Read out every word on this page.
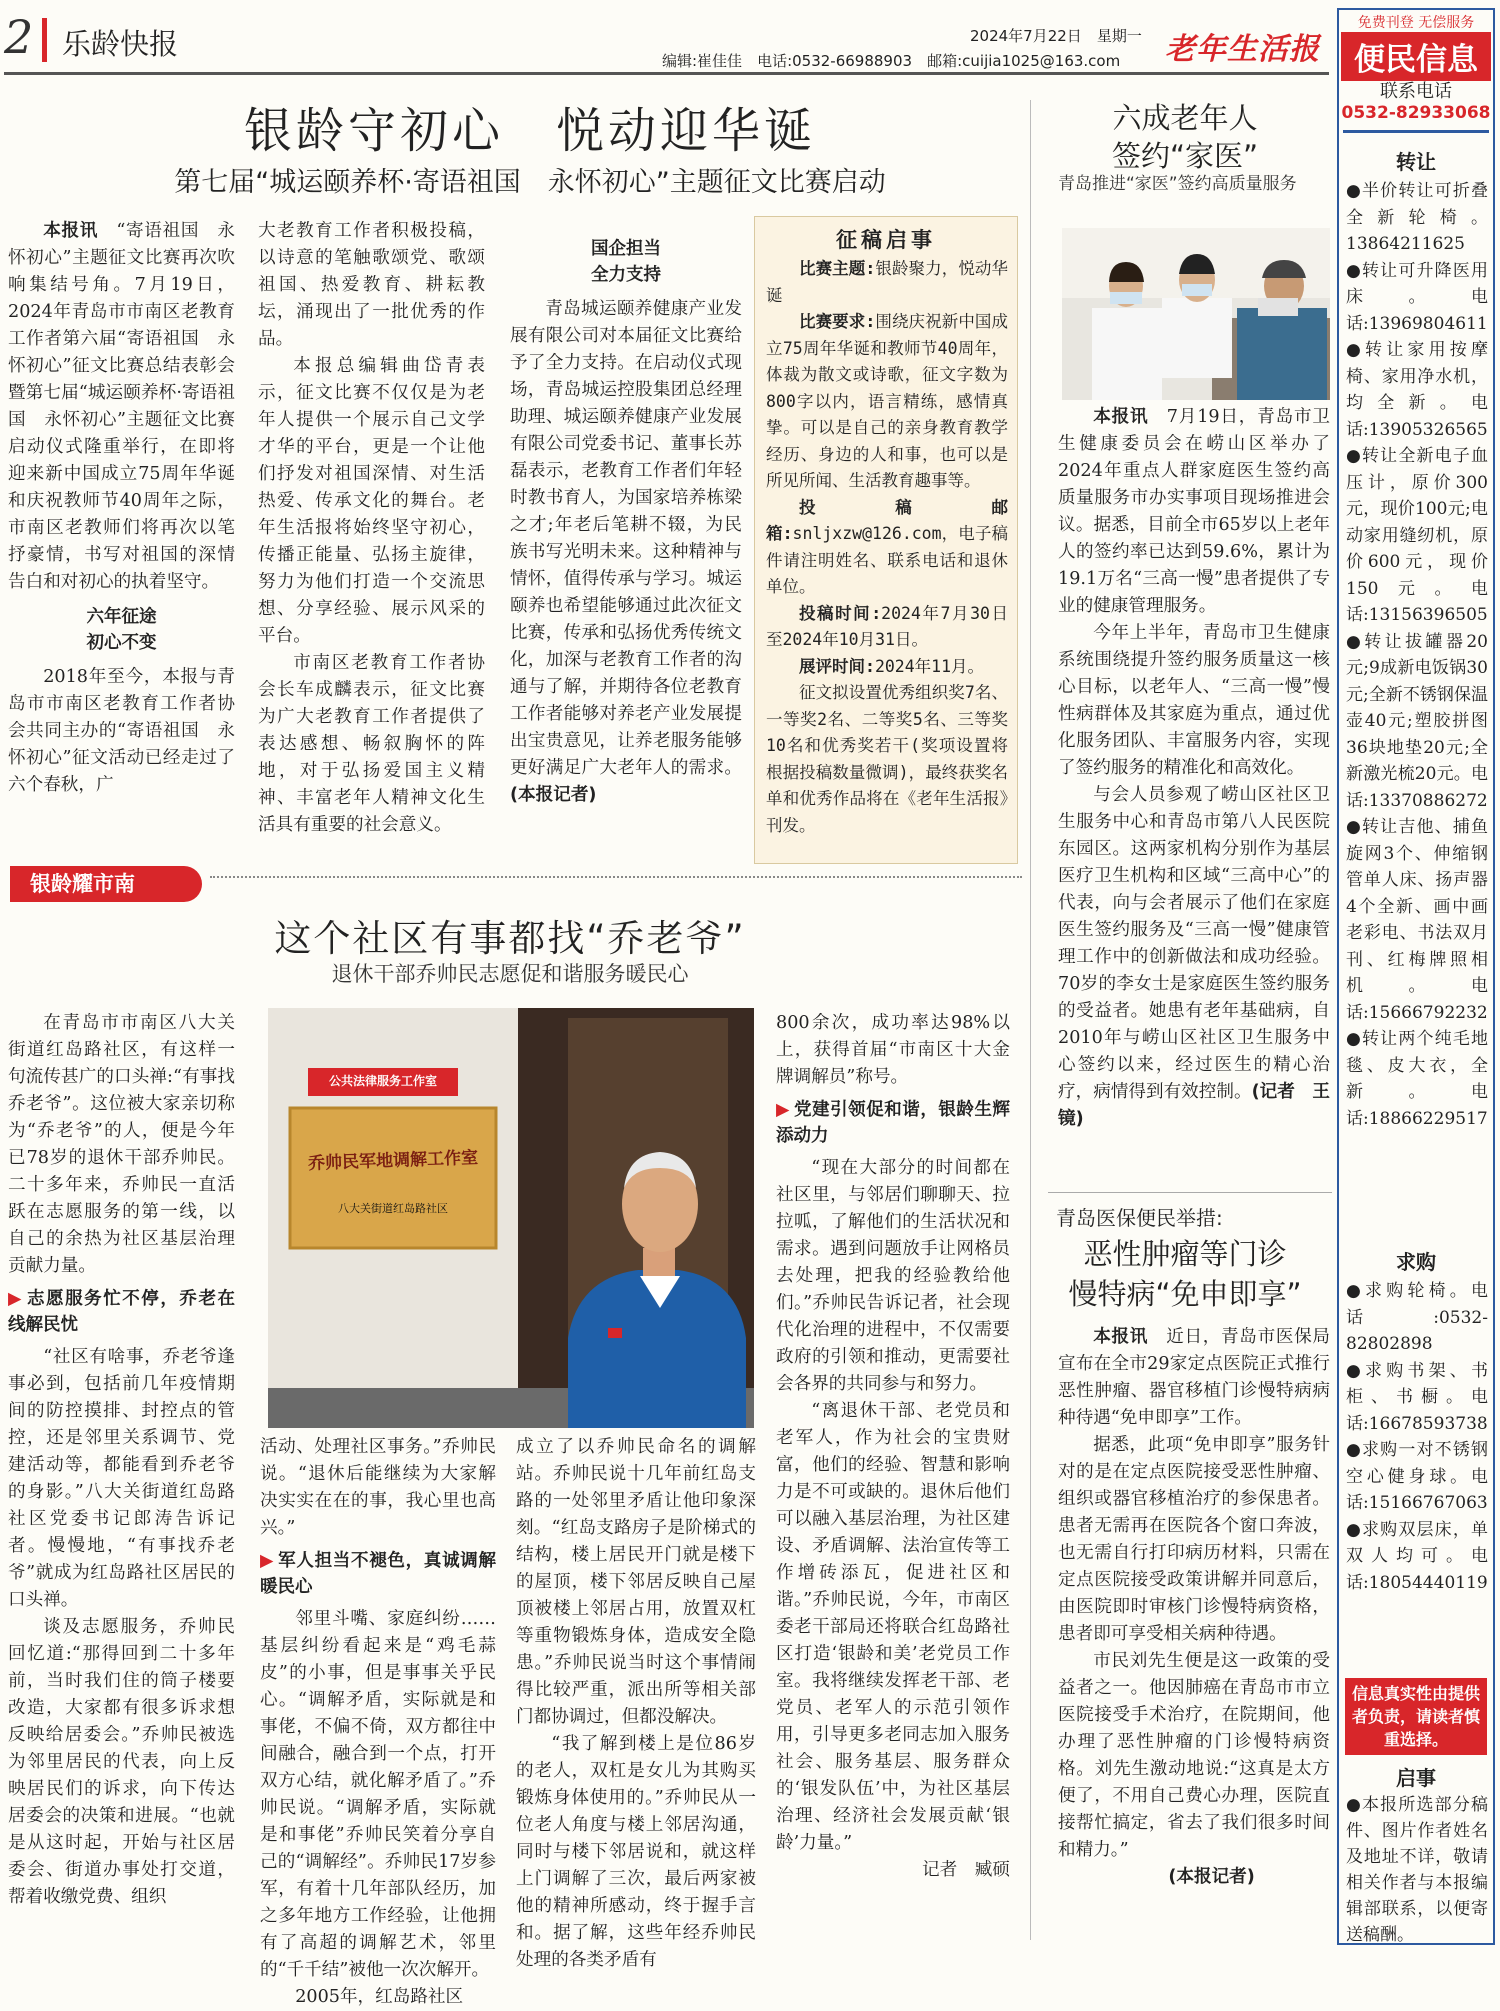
2 乐龄快报	2024年7月22日　 星期一
编辑:崔佳佳　 电话:0532-66988903　 邮箱:cuijia1025@163.com 老年生活报
免费刊登 无偿服务
便民信息
联系电话
0532-82933068
转让

●半价转让可折叠全新轮椅。13864211625

●转让可升降医用床。电话:13969804611

●转让家用按摩椅、家用净水机，均全新。电话:13905326565

●转让全新电子血压计，原价300元，现价100元;电动家用缝纫机，原价600元，现价150元。电话:13156396505

●转让拔罐器20元;9成新电饭锅30元;全新不锈钢保温壶40元;塑胶拼图36块地垫20元;全新激光梳20元。电话:13370886272

●转让吉他、捕鱼旋网3个、伸缩钢管单人床、扬声器4个全新、画中画老彩电、书法双月刊、红梅牌照相机。电话:15666792232

●转让两个纯毛地毯、皮大衣，全新。电话:18866229517

求购

●求购轮椅。电话:0532-82802898

●求购书架、书柜、书橱。电话:16678593738

●求购一对不锈钢空心健身球。电话:15166767063

●求购双层床，单双人均可。电话:18054440119

信息真实性由提供者负责，请读者慎重选择。
启事
●本报所选部分稿件、图片作者姓名及地址不详，敬请相关作者与本报编辑部联系，以便寄送稿酬。
银龄守初心　悦动迎华诞
第七届“城运颐养杯·寄语祖国　永怀初心”主题征文比赛启动

本报讯　 “寄语祖国　永怀初心”主题征文比赛再次吹响集结号角。7月19日，2024年青岛市市南区老教育工作者第六届“寄语祖国　永怀初心”征文比赛总结表彰会暨第七届“城运颐养杯·寄语祖国　永怀初心”主题征文比赛启动仪式隆重举行，在即将迎来新中国成立75周年华诞和庆祝教师节40周年之际，市南区老教师们将再次以笔抒豪情，书写对祖国的深情告白和对初心的执着坚守。

六年征途
初心不变

2018年至今，本报与青岛市市南区老教育工作者协会共同主办的“寄语祖国　永怀初心”征文活动已经走过了六个春秋，广

大老教育工作者积极投稿，以诗意的笔触歌颂党、歌颂祖国、热爱教育、耕耘教坛，涌现出了一批优秀的作品。

本报总编辑曲岱青表示，征文比赛不仅仅是为老年人提供一个展示自己文学才华的平台，更是一个让他们抒发对祖国深情、对生活热爱、传承文化的舞台。老年生活报将始终坚守初心，传播正能量、弘扬主旋律，努力为他们打造一个交流思想、分享经验、展示风采的平台。

市南区老教育工作者协会长车成麟表示，征文比赛为广大老教育工作者提供了表达感想、畅叙胸怀的阵地，对于弘扬爱国主义精神、丰富老年人精神文化生活具有重要的社会意义。

国企担当
全力支持

青岛城运颐养健康产业发展有限公司对本届征文比赛给予了全力支持。在启动仪式现场，青岛城运控股集团总经理助理、城运颐养健康产业发展有限公司党委书记、董事长苏磊表示，老教育工作者们年轻时教书育人，为国家培养栋梁之才;年老后笔耕不辍，为民族书写光明未来。这种精神与情怀，值得传承与学习。城运颐养也希望能够通过此次征文比赛，传承和弘扬优秀传统文化，加深与老教育工作者的沟通与了解，并期待各位老教育工作者能够对养老产业发展提出宝贵意见，让养老服务能够更好满足广大老年人的需求。(本报记者)

征稿启事

比赛主题:银龄聚力，悦动华诞

比赛要求:围绕庆祝新中国成立75周年华诞和教师节40周年，体裁为散文或诗歌，征文字数为800字以内，语言精练，感情真挚。可以是自己的亲身教育教学经历、身边的人和事，也可以是所见所闻、生活教育趣事等。

投稿邮箱:snljxzw@126.com，电子稿件请注明姓名、联系电话和退休单位。

投稿时间:2024年7月30日至2024年10月31日。

展评时间:2024年11月。

征文拟设置优秀组织奖7名、一等奖2名、二等奖5名、三等奖10名和优秀奖若干(奖项设置将根据投稿数量微调)，最终获奖名单和优秀作品将在《老年生活报》刊发。

银龄耀市南
这个社区有事都找“乔老爷”
退休干部乔帅民志愿促和谐服务暖民心
公共法律服务工作室
乔帅民军地调解工作室
八大关街道红岛路社区

在青岛市市南区八大关街道红岛路社区，有这样一句流传甚广的口头禅:“有事找乔老爷”。这位被大家亲切称为“乔老爷”的人，便是今年已78岁的退休干部乔帅民。二十多年来，乔帅民一直活跃在志愿服务的第一线，以自己的余热为社区基层治理贡献力量。

▶ 志愿服务忙不停，乔老在线解民忧

“社区有啥事，乔老爷逢事必到，包括前几年疫情期间的防控摸排、封控点的管控，还是邻里关系调节、党建活动等，都能看到乔老爷的身影。”八大关街道红岛路社区党委书记郎涛告诉记者。慢慢地，“有事找乔老爷”就成为红岛路社区居民的口头禅。

谈及志愿服务，乔帅民回忆道:“那得回到二十多年前，当时我们住的筒子楼要改造，大家都有很多诉求想反映给居委会。”乔帅民被选为邻里居民的代表，向上反映居民们的诉求，向下传达居委会的决策和进展。“也就是从这时起，开始与社区居委会、街道办事处打交道，帮着收缴党费、组织

活动、处理社区事务。”乔帅民说。“退休后能继续为大家解决实实在在的事，我心里也高兴。”

▶ 军人担当不褪色，真诚调解暖民心

邻里斗嘴、家庭纠纷……基层纠纷看起来是“鸡毛蒜皮”的小事，但是事事关乎民心。“调解矛盾，实际就是和事佬，不偏不倚，双方都往中间融合，融合到一个点，打开双方心结，就化解矛盾了。”乔帅民说。“调解矛盾，实际就是和事佬”乔帅民笑着分享自己的“调解经”。乔帅民17岁参军，有着十几年部队经历，加之多年地方工作经验，让他拥有了高超的调解艺术，邻里的“千千结”被他一次次解开。

2005年，红岛路社区

成立了以乔帅民命名的调解站。乔帅民说十几年前红岛支路的一处邻里矛盾让他印象深刻。“红岛支路房子是阶梯式的结构，楼上居民开门就是楼下的屋顶，楼下邻居反映自己屋顶被楼上邻居占用，放置双杠等重物锻炼身体，造成安全隐患。”乔帅民说当时这个事情闹得比较严重，派出所等相关部门都协调过，但都没解决。

“我了解到楼上是位86岁的老人，双杠是女儿为其购买锻炼身体使用的。”乔帅民从一位老人角度与楼上邻居沟通，同时与楼下邻居说和，就这样上门调解了三次，最后两家被他的精神所感动，终于握手言和。据了解，这些年经乔帅民处理的各类矛盾有

800余次，成功率达98%以上，获得首届“市南区十大金牌调解员”称号。

▶ 党建引领促和谐，银龄生辉添动力

“现在大部分的时间都在社区里，与邻居们聊聊天、拉拉呱，了解他们的生活状况和需求。遇到问题放手让网格员去处理，把我的经验教给他们。”乔帅民告诉记者，社会现代化治理的进程中，不仅需要政府的引领和推动，更需要社会各界的共同参与和努力。

“离退休干部、老党员和老军人，作为社会的宝贵财富，他们的经验、智慧和影响力是不可或缺的。退休后他们可以融入基层治理，为社区建设、矛盾调解、法治宣传等工作增砖添瓦，促进社区和谐。”乔帅民说，今年，市南区委老干部局还将联合红岛路社区打造‘银龄和美’老党员工作室。我将继续发挥老干部、老党员、老军人的示范引领作用，引导更多老同志加入服务社会、服务基层、服务群众的‘银发队伍’中，为社区基层治理、经济社会发展贡献‘银龄’力量。”

记者　臧硕

六成老年人
签约“家医”
青岛推进“家医”签约高质量服务

本报讯　 7月19日，青岛市卫生健康委员会在崂山区举办了2024年重点人群家庭医生签约高质量服务市办实事项目现场推进会议。据悉，目前全市65岁以上老年人的签约率已达到59.6%，累计为19.1万名“三高一慢”患者提供了专业的健康管理服务。

今年上半年，青岛市卫生健康系统围绕提升签约服务质量这一核心目标，以老年人、“三高一慢”慢性病群体及其家庭为重点，通过优化服务团队、丰富服务内容，实现了签约服务的精准化和高效化。

与会人员参观了崂山区社区卫生服务中心和青岛市第八人民医院东园区。这两家机构分别作为基层医疗卫生机构和区域“三高中心”的代表，向与会者展示了他们在家庭医生签约服务及“三高一慢”健康管理工作中的创新做法和成功经验。70岁的李女士是家庭医生签约服务的受益者。她患有老年基础病，自2010年与崂山区社区卫生服务中心签约以来，经过医生的精心治疗，病情得到有效控制。(记者　王镜)

青岛医保便民举措:
恶性肿瘤等门诊
慢特病“免申即享”

本报讯　 近日，青岛市医保局宣布在全市29家定点医院正式推行恶性肿瘤、器官移植门诊慢特病病种待遇“免申即享”工作。

据悉，此项“免申即享”服务针对的是在定点医院接受恶性肿瘤、组织或器官移植治疗的参保患者。患者无需再在医院各个窗口奔波，也无需自行打印病历材料，只需在定点医院接受政策讲解并同意后，由医院即时审核门诊慢特病资格，患者即可享受相关病种待遇。

市民刘先生便是这一政策的受益者之一。他因肺癌在青岛市市立医院接受手术治疗，在院期间，他办理了恶性肿瘤的门诊慢特病资格。刘先生激动地说:“这真是太方便了，不用自己费心办理，医院直接帮忙搞定，省去了我们很多时间和精力。”

(本报记者)
